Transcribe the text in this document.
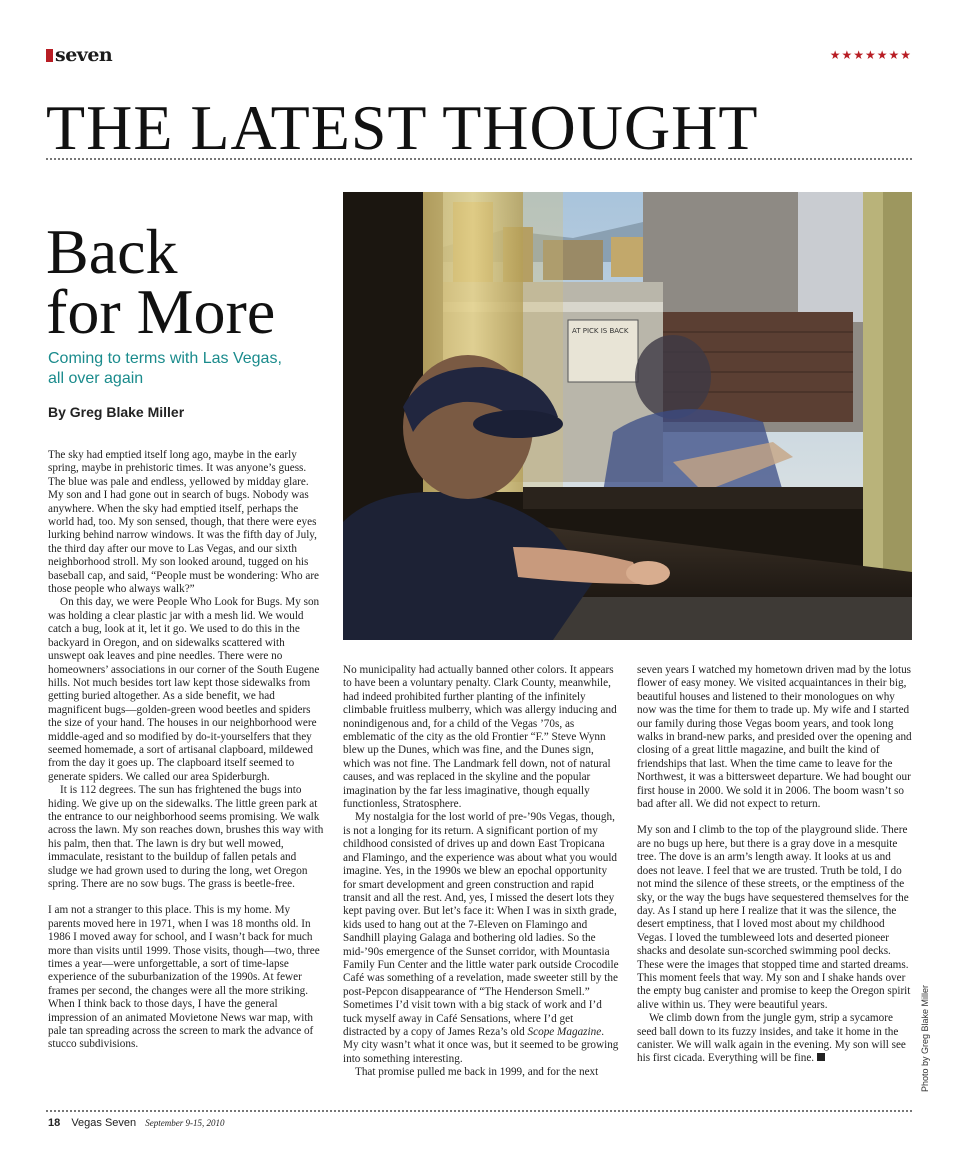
seven	★★★★★★★
THE LATEST THOUGHT
Back
for More
Coming to terms with Las Vegas,
all over again
By Greg Blake Miller
AT PICK IS BACK

The sky had emptied itself long ago, maybe in the early spring, maybe in prehistoric times. It was anyone’s guess. The blue was pale and endless, yellowed by midday glare. My son and I had gone out in search of bugs. Nobody was anywhere. When the sky had emptied itself, perhaps the world had, too. My son sensed, though, that there were eyes lurking behind narrow windows. It was the fifth day of July, the third day after our move to Las Vegas, and our sixth neighborhood stroll. My son looked around, tugged on his baseball cap, and said, “People must be wondering: Who are those people who always walk?”

On this day, we were People Who Look for Bugs. My son was holding a clear plastic jar with a mesh lid. We would catch a bug, look at it, let it go. We used to do this in the backyard in Oregon, and on sidewalks scattered with unswept oak leaves and pine needles. There were no homeowners’ associations in our corner of the South Eugene hills. Not much besides tort law kept those sidewalks from getting buried altogether. As a side benefit, we had magnificent bugs—golden-green wood beetles and spiders the size of your hand. The houses in our neighborhood were middle-aged and so modified by do-it-yourselfers that they seemed homemade, a sort of artisanal clapboard, mildewed from the day it goes up. The clapboard itself seemed to generate spiders. We called our area Spiderburgh.

It is 112 degrees. The sun has frightened the bugs into hiding. We give up on the sidewalks. The little green park at the entrance to our neighborhood seems promising. We walk across the lawn. My son reaches down, brushes this way with his palm, then that. The lawn is dry but well mowed, immaculate, resistant to the buildup of fallen petals and sludge we had grown used to during the long, wet Oregon spring. There are no sow bugs. The grass is beetle-free.

I am not a stranger to this place. This is my home. My parents moved here in 1971, when I was 18 months old. In 1986 I moved away for school, and I wasn’t back for much more than visits until 1999. Those visits, though—two, three times a year—were unforgettable, a sort of time-lapse experience of the suburbanization of the 1990s. At fewer frames per second, the changes were all the more striking. When I think back to those days, I have the general impression of an animated Movietone News war map, with pale tan spreading across the screen to mark the advance of stucco subdivisions.

No municipality had actually banned other colors. It appears to have been a voluntary penalty. Clark County, meanwhile, had indeed prohibited further planting of the infinitely climbable fruitless mulberry, which was allergy inducing and nonindigenous and, for a child of the Vegas ’70s, as emblematic of the city as the old Frontier “F.” Steve Wynn blew up the Dunes, which was fine, and the Dunes sign, which was not fine. The Landmark fell down, not of natural causes, and was replaced in the skyline and the popular imagination by the far less imaginative, though equally functionless, Stratosphere.

My nostalgia for the lost world of pre-’90s Vegas, though, is not a longing for its return. A significant portion of my childhood consisted of drives up and down East Tropicana and Flamingo, and the experience was about what you would imagine. Yes, in the 1990s we blew an epochal opportunity for smart development and green construction and rapid transit and all the rest. And, yes, I missed the desert lots they kept paving over. But let’s face it: When I was in sixth grade, kids used to hang out at the 7-Eleven on Flamingo and Sandhill playing Galaga and bothering old ladies. So the mid-’90s emergence of the Sunset corridor, with Mountasia Family Fun Center and the little water park outside Crocodile Café was something of a revelation, made sweeter still by the post-Pepcon disappearance of “The Henderson Smell.” Sometimes I’d visit town with a big stack of work and I’d tuck myself away in Café Sensations, where I’d get distracted by a copy of James Reza’s old Scope Magazine. My city wasn’t what it once was, but it seemed to be growing into something interesting.

That promise pulled me back in 1999, and for the next

seven years I watched my hometown driven mad by the lotus flower of easy money. We visited acquaintances in their big, beautiful houses and listened to their monologues on why now was the time for them to trade up. My wife and I started our family during those Vegas boom years, and took long walks in brand-new parks, and presided over the opening and closing of a great little magazine, and built the kind of friendships that last. When the time came to leave for the Northwest, it was a bittersweet departure. We had bought our first house in 2000. We sold it in 2006. The boom wasn’t so bad after all. We did not expect to return.

My son and I climb to the top of the playground slide. There are no bugs up here, but there is a gray dove in a mesquite tree. The dove is an arm’s length away. It looks at us and does not leave. I feel that we are trusted. Truth be told, I do not mind the silence of these streets, or the emptiness of the sky, or the way the bugs have sequestered themselves for the day. As I stand up here I realize that it was the silence, the desert emptiness, that I loved most about my childhood Vegas. I loved the tumbleweed lots and deserted pioneer shacks and desolate sun-scorched swimming pool decks. These were the images that stopped time and started dreams. This moment feels that way. My son and I shake hands over the empty bug canister and promise to keep the Oregon spirit alive within us. They were beautiful years.

We climb down from the jungle gym, strip a sycamore seed ball down to its fuzzy insides, and take it home in the canister. We will walk again in the evening. My son will see his first cicada. Everything will be fine.	Photo by Greg Blake Miller
18 Vegas Seven September 9-15, 2010
